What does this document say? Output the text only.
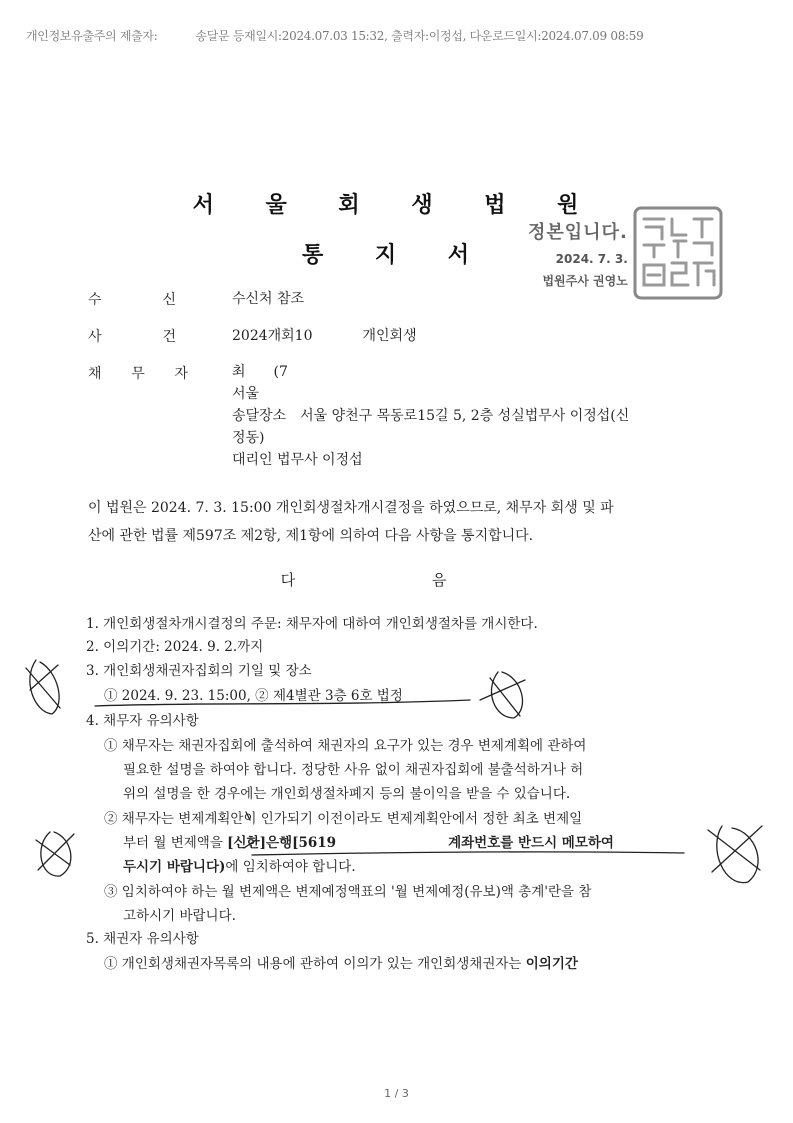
개인정보유출주의 제출자:	송달문 등재일시:2024.07.03 15:32, 출력자:이정섭, 다운로드일시:2024.07.09 08:59
서 울 회 생 법 원
통 지 서
정본입니다.
2024. 7. 3.
법원주사 권영노
수	신	수신처 참조
사	건	2024개회10	개인회생
채 무 자	최　　(7
서울
송달장소　서울 양천구 목동로15길 5, 2층 성실법무사 이정섭(신
정동)
대리인 법무사 이정섭
이 법원은 2024. 7. 3. 15:00 개인회생절차개시결정을 하였으므로, 채무자 회생 및 파
산에 관한 법률 제597조 제2항, 제1항에 의하여 다음 사항을 통지합니다.
다 음
1. 개인회생절차개시결정의 주문: 채무자에 대하여 개인회생절차를 개시한다.
2. 이의기간: 2024. 9. 2.까지
3. 개인회생채권자집회의 기일 및 장소
① 2024. 9. 23. 15:00, ② 제4별관 3층 6호 법정
4. 채무자 유의사항
① 채무자는 채권자집회에 출석하여 채권자의 요구가 있는 경우 변제계획에 관하여
필요한 설명을 하여야 합니다. 정당한 사유 없이 채권자집회에 불출석하거나 허
위의 설명을 한 경우에는 개인회생절차폐지 등의 불이익을 받을 수 있습니다.
② 채무자는 변제계획안이 인가되기 이전이라도 변제계획안에서 정한 최초 변제일
부터 월 변제액을 [신한]은행[5619	계좌번호를 반드시 메모하여
두시기 바랍니다)에 임치하여야 합니다.
③ 임치하여야 하는 월 변제액은 변제예정액표의 '월 변제예정(유보)액 총계'란을 참
고하시기 바랍니다.
5. 채권자 유의사항
① 개인회생채권자목록의 내용에 관하여 이의가 있는 개인회생채권자는 이의기간
1 / 3
